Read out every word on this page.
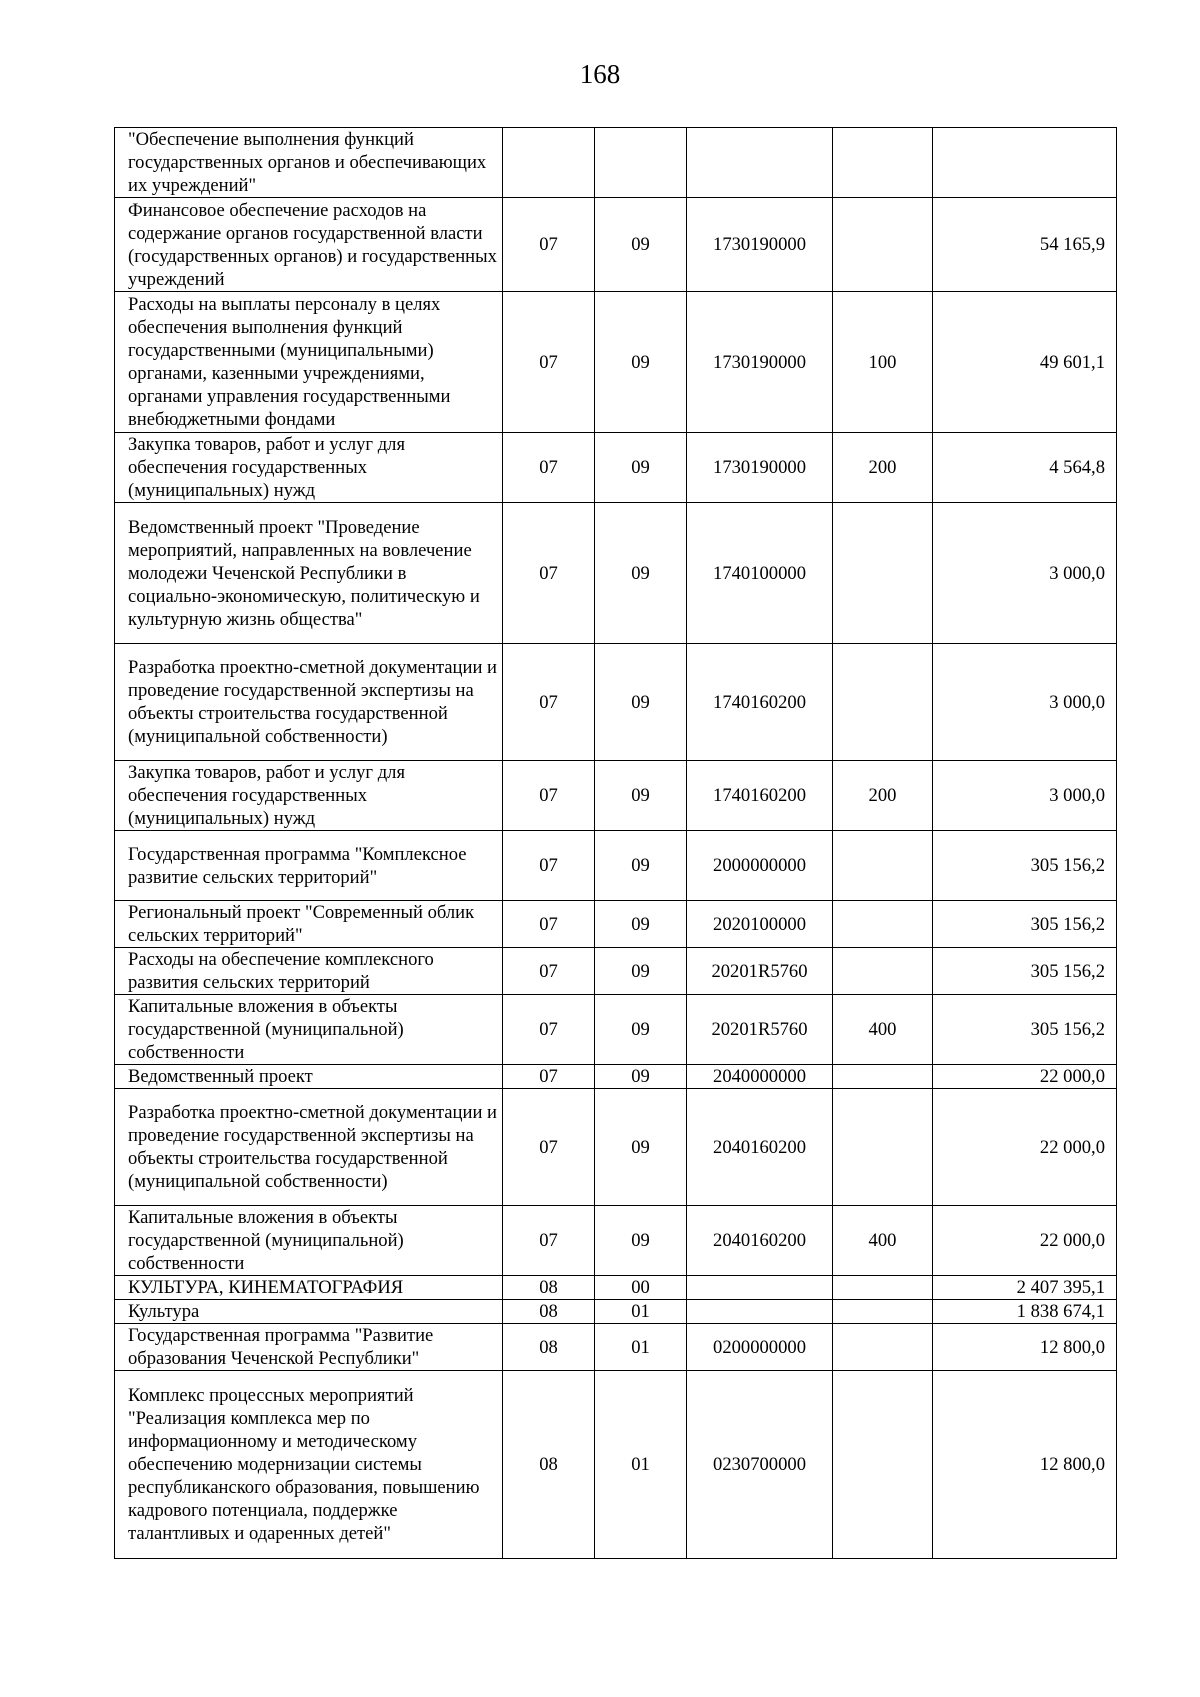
168
"Обеспечение выполнения функций государственных органов и обеспечивающих их учреждений"					
Финансовое обеспечение расходов на содержание органов государственной власти (государственных органов) и государственных учреждений	07	09	1730190000		54 165,9
Расходы на выплаты персоналу в целях обеспечения выполнения функций государственными (муниципальными) органами, казенными учреждениями, органами управления государственными внебюджетными фондами	07	09	1730190000	100	49 601,1
Закупка товаров, работ и услуг для обеспечения государственных (муниципальных) нужд	07	09	1730190000	200	4 564,8
Ведомственный проект "Проведение мероприятий, направленных на вовлечение молодежи Чеченской Республики в социально-экономическую, политическую и культурную жизнь общества"	07	09	1740100000		3 000,0
Разработка проектно-сметной документации и проведение государственной экспертизы на объекты строительства государственной (муниципальной собственности)	07	09	1740160200		3 000,0
Закупка товаров, работ и услуг для обеспечения государственных (муниципальных) нужд	07	09	1740160200	200	3 000,0
Государственная программа "Комплексное развитие сельских территорий"	07	09	2000000000		305 156,2
Региональный проект "Современный облик сельских территорий"	07	09	2020100000		305 156,2
Расходы на обеспечение комплексного развития сельских территорий	07	09	20201R5760		305 156,2
Капитальные вложения в объекты государственной (муниципальной) собственности	07	09	20201R5760	400	305 156,2
Ведомственный проект	07	09	2040000000		22 000,0
Разработка проектно-сметной документации и проведение государственной экспертизы на объекты строительства государственной (муниципальной собственности)	07	09	2040160200		22 000,0
Капитальные вложения в объекты государственной (муниципальной) собственности	07	09	2040160200	400	22 000,0
КУЛЬТУРА, КИНЕМАТОГРАФИЯ	08	00			2 407 395,1
Культура	08	01			1 838 674,1
Государственная программа "Развитие образования Чеченской Республики"	08	01	0200000000		12 800,0
Комплекс процессных мероприятий "Реализация комплекса мер по информационному и методическому обеспечению модернизации системы республиканского образования, повышению кадрового потенциала, поддержке талантливых и одаренных детей"	08	01	0230700000		12 800,0
